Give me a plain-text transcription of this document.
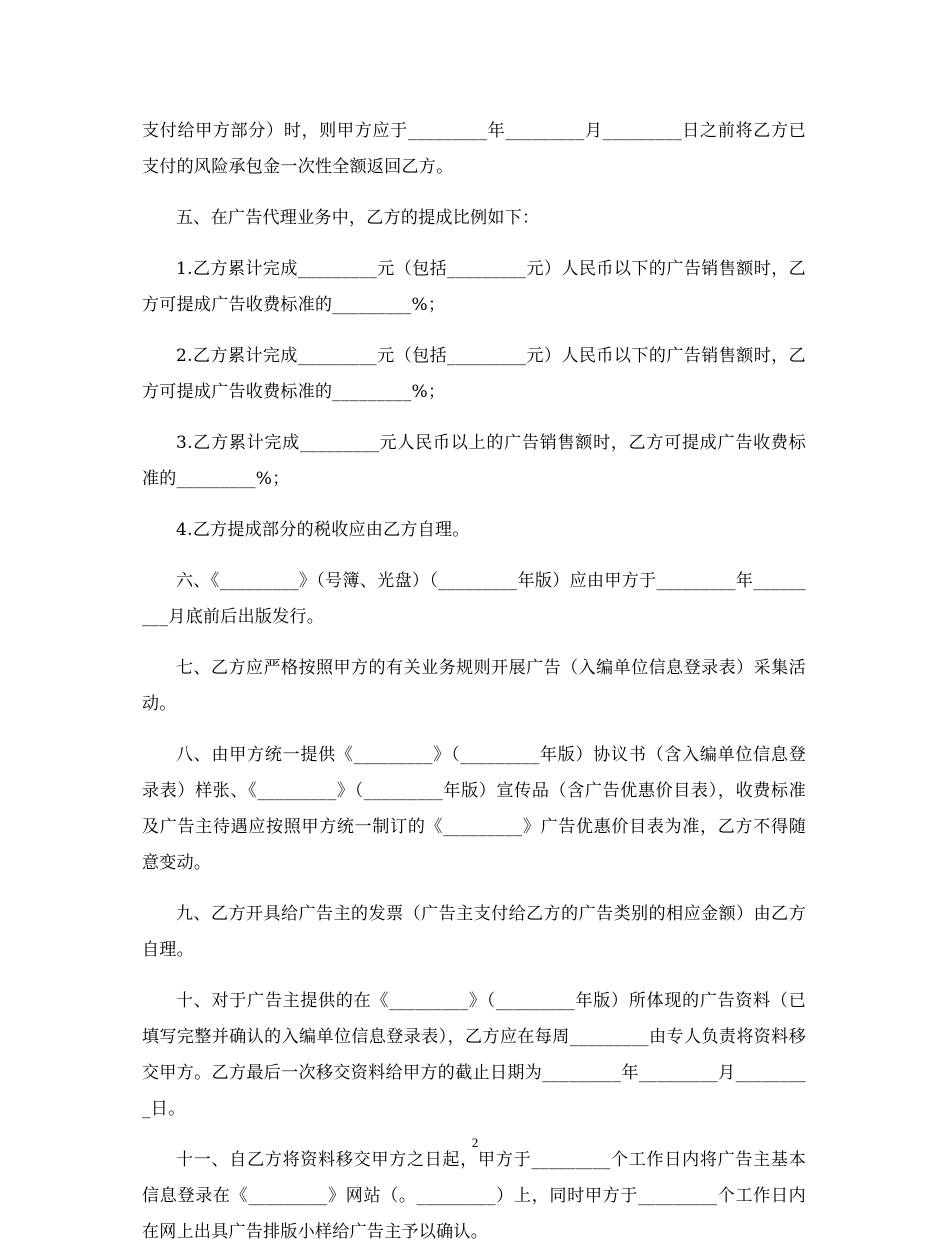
支付给甲方部分）时，则甲方应于_________年_________月_________日之前将乙方已支付的风险承包金一次性全额返回乙方。

五、在广告代理业务中，乙方的提成比例如下：

1.乙方累计完成_________元（包括_________元）人民币以下的广告销售额时，乙方可提成广告收费标准的_________%；

2.乙方累计完成_________元（包括_________元）人民币以下的广告销售额时，乙方可提成广告收费标准的_________%；

3.乙方累计完成_________元人民币以上的广告销售额时，乙方可提成广告收费标准的_________%；

4.乙方提成部分的税收应由乙方自理。

六、《_________》（号簿、光盘）（_________年版）应由甲方于_________年_________月底前后出版发行。

七、乙方应严格按照甲方的有关业务规则开展广告（入编单位信息登录表）采集活动。

八、由甲方统一提供《_________》（_________年版）协议书（含入编单位信息登录表）样张、《_________》（_________年版）宣传品（含广告优惠价目表），收费标准及广告主待遇应按照甲方统一制订的《_________》广告优惠价目表为准，乙方不得随意变动。

九、乙方开具给广告主的发票（广告主支付给乙方的广告类别的相应金额）由乙方自理。

十、对于广告主提供的在《_________》（_________年版）所体现的广告资料（已填写完整并确认的入编单位信息登录表），乙方应在每周_________由专人负责将资料移交甲方。乙方最后一次移交资料给甲方的截止日期为_________年_________月_________日。

十一、自乙方将资料移交甲方之日起，甲方于_________个工作日内将广告主基本信息登录在《_________》网站（。_________）上，同时甲方于_________个工作日内在网上出具广告排版小样给广告主予以确认。

2
